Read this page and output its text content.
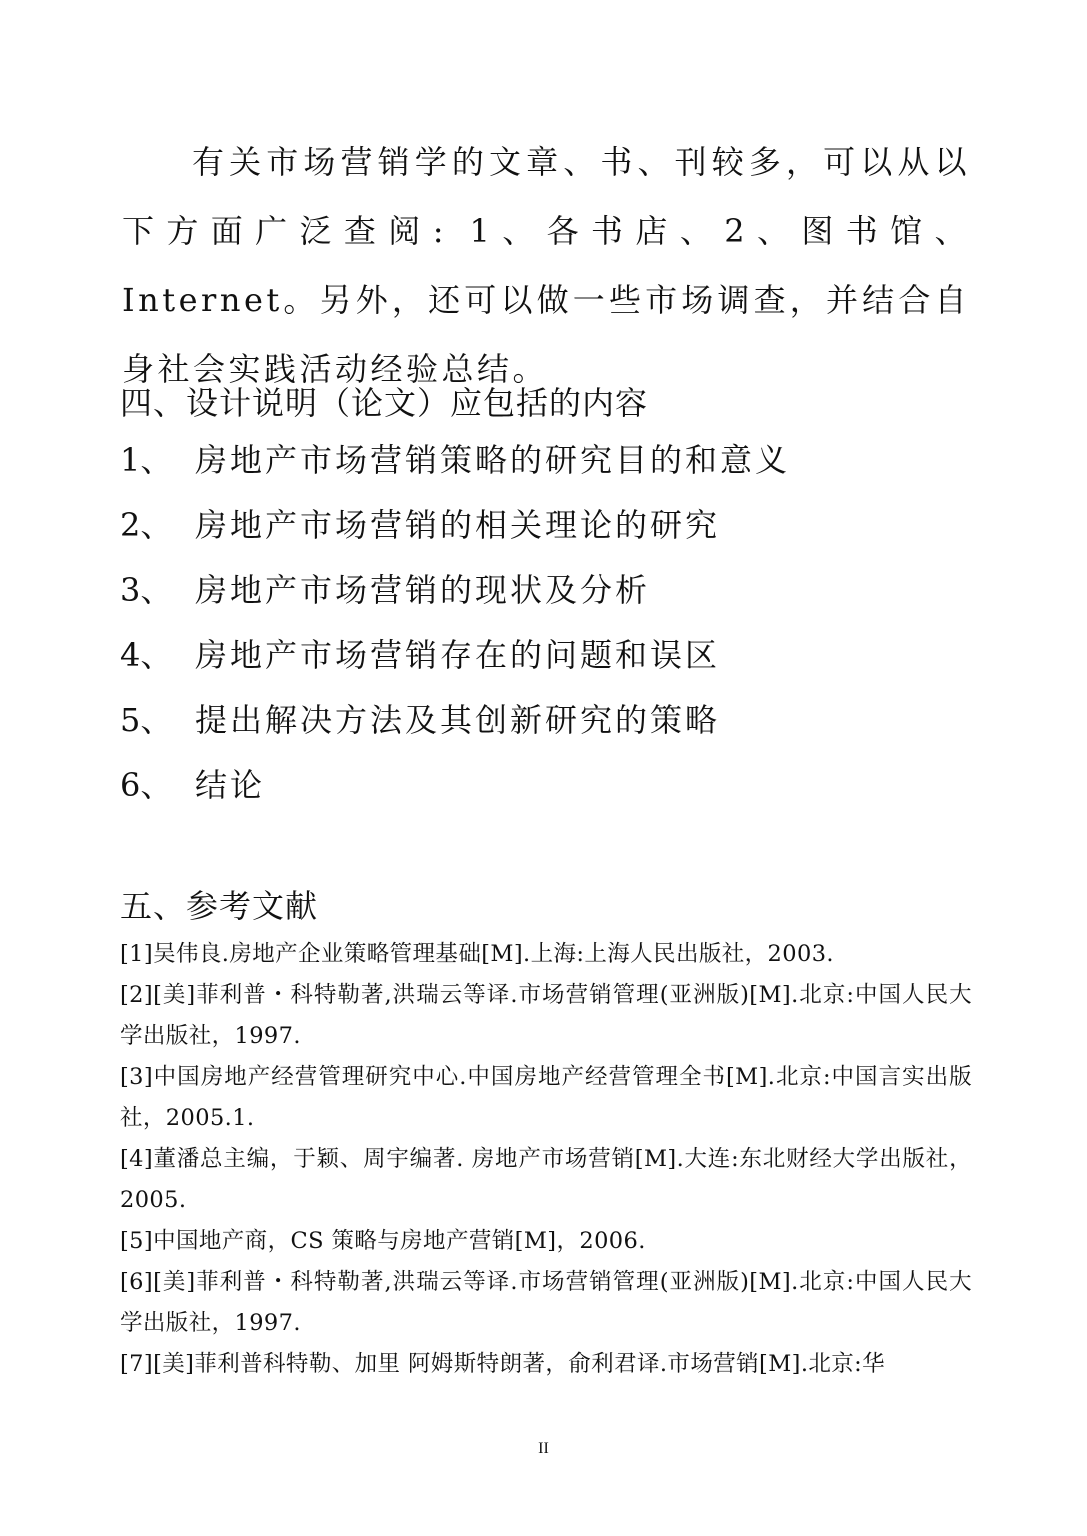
有关市场营销学的文章、书、刊较多，可以从以下方面广泛查阅: 1、各书店、2、图书馆、Internet。另外，还可以做一些市场调查，并结合自身社会实践活动经验总结。

四、设计说明（论文）应包括的内容
1、 房地产市场营销策略的研究目的和意义
2、 房地产市场营销的相关理论的研究
3、 房地产市场营销的现状及分析
4、 房地产市场营销存在的问题和误区
5、 提出解决方法及其创新研究的策略
6、 结论
五、参考文献

[1]吴伟良.房地产企业策略管理基础[M].上海:上海人民出版社，2003.

[2][美]菲利普・科特勒著,洪瑞云等译.市场营销管理(亚洲版)[M].北京:中国人民大学出版社，1997.

[3]中国房地产经营管理研究中心.中国房地产经营管理全书[M].北京:中国言实出版社，2005.1.

[4]董潘总主编，于颖、周宇编著. 房地产市场营销[M].大连:东北财经大学出版社，2005.

[5]中国地产商，CS 策略与房地产营销[M]，2006.

[6][美]菲利普・科特勒著,洪瑞云等译.市场营销管理(亚洲版)[M].北京:中国人民大学出版社，1997.

[7][美]菲利普科特勒、加里 阿姆斯特朗著，俞利君译.市场营销[M].北京:华

II
